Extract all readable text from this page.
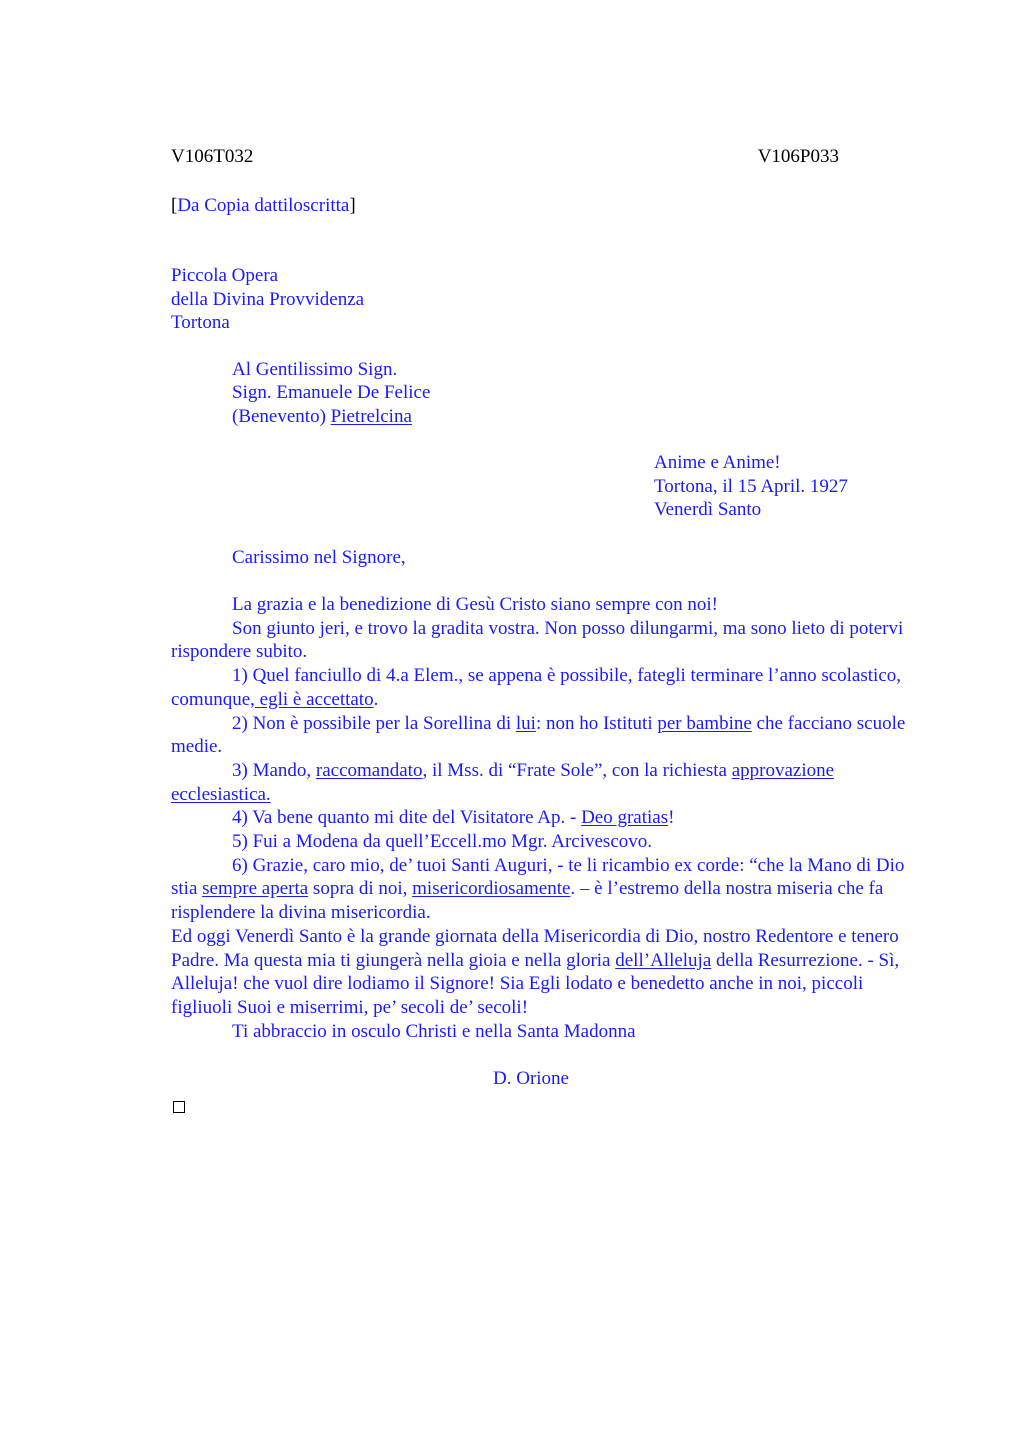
V106T032	V106P033
[Da Copia dattiloscritta]
Piccola Opera
della Divina Provvidenza
Tortona
Al Gentilissimo Sign.
Sign. Emanuele De Felice
(Benevento) Pietrelcina
Anime e Anime!
Tortona, il 15 April. 1927
Venerdì Santo
Carissimo nel Signore,

La grazia e la benedizione di Gesù Cristo siano sempre con noi!

Son giunto jeri, e trovo la gradita vostra. Non posso dilungarmi, ma sono lieto di potervi rispondere subito.

1) Quel fanciullo di 4.a Elem., se appena è possibile, fategli terminare l’anno scolastico, comunque, egli è accettato.

2) Non è possibile per la Sorellina di lui: non ho Istituti per bambine che facciano scuole medie.

3) Mando, raccomandato, il Mss. di “Frate Sole”, con la richiesta approvazione ecclesiastica.

4) Va bene quanto mi dite del Visitatore Ap. - Deo gratias!

5) Fui a Modena da quell’Eccell.mo Mgr. Arcivescovo.

6) Grazie, caro mio, de’ tuoi Santi Auguri, - te li ricambio ex corde: “che la Mano di Dio stia sempre aperta sopra di noi, misericordiosamente. – è l’estremo della nostra miseria che fa risplendere la divina misericordia.

Ed oggi Venerdì Santo è la grande giornata della Misericordia di Dio, nostro Redentore e tenero Padre. Ma questa mia ti giungerà nella gioia e nella gloria dell’Alleluja della Resurrezione. - Sì, Alleluja! che vuol dire lodiamo il Signore! Sia Egli lodato e benedetto anche in noi, piccoli figliuoli Suoi e miserrimi, pe’ secoli de’ secoli!

Ti abbraccio in osculo Christi e nella Santa Madonna

D. Orione
